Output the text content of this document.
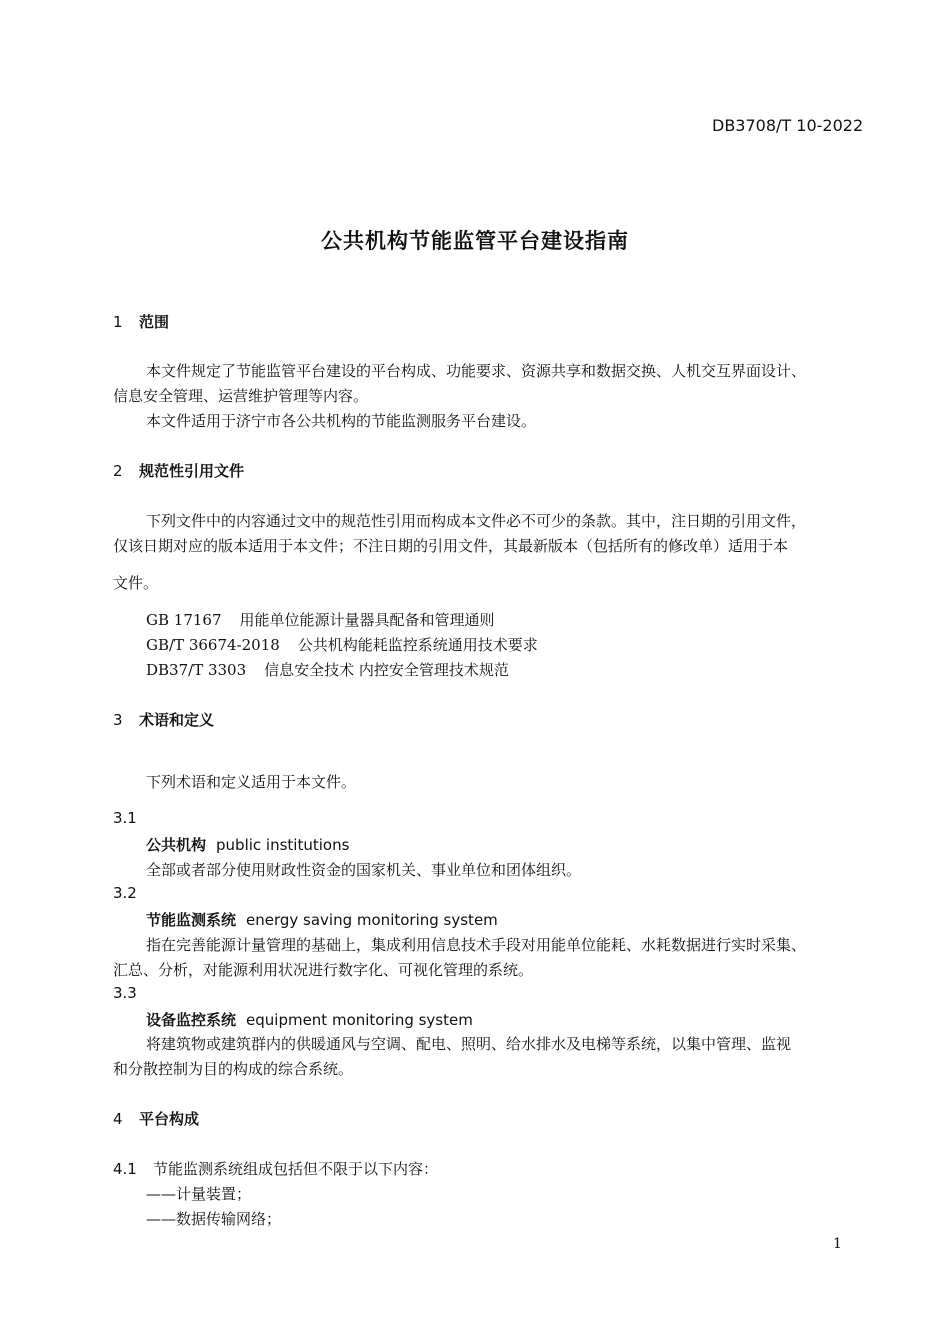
DB3708/T 10-2022
公共机构节能监管平台建设指南
1 范围
本文件规定了节能监管平台建设的平台构成、功能要求、资源共享和数据交换、人机交互界面设计、
信息安全管理、运营维护管理等内容。
本文件适用于济宁市各公共机构的节能监测服务平台建设。
2 规范性引用文件
下列文件中的内容通过文中的规范性引用而构成本文件必不可少的条款。其中，注日期的引用文件，
仅该日期对应的版本适用于本文件；不注日期的引用文件，其最新版本（包括所有的修改单）适用于本
文件。
GB 17167 用能单位能源计量器具配备和管理通则
GB/T 36674-2018 公共机构能耗监控系统通用技术要求
DB37/T 3303 信息安全技术 内控安全管理技术规范
3 术语和定义
下列术语和定义适用于本文件。
3.1
公共机构 public institutions
全部或者部分使用财政性资金的国家机关、事业单位和团体组织。
3.2
节能监测系统 energy saving monitoring system
指在完善能源计量管理的基础上，集成利用信息技术手段对用能单位能耗、水耗数据进行实时采集、
汇总、分析，对能源利用状况进行数字化、可视化管理的系统。
3.3
设备监控系统 equipment monitoring system
将建筑物或建筑群内的供暖通风与空调、配电、照明、给水排水及电梯等系统，以集中管理、监视
和分散控制为目的构成的综合系统。
4 平台构成
4.1 节能监测系统组成包括但不限于以下内容：
——计量装置；
——数据传输网络；
1
